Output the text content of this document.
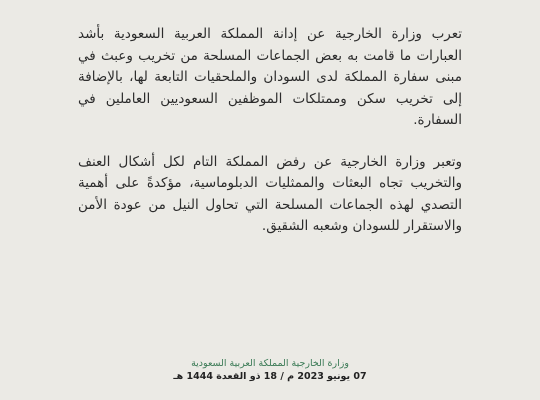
تعرب وزارة الخارجية عن إدانة المملكة العربية السعودية بأشد العبارات ما قامت به بعض الجماعات المسلحة من تخريب وعبث في مبنى سفارة المملكة لدى السودان والملحقيات التابعة لها، بالإضافة إلى تخريب سكن وممتلكات الموظفين السعوديين العاملين في السفارة.

وتعبر وزارة الخارجية عن رفض المملكة التام لكل أشكال العنف والتخريب تجاه البعثات والممثليات الدبلوماسية، مؤكدةً على أهمية التصدي لهذه الجماعات المسلحة التي تحاول النيل من عودة الأمن والاستقرار للسودان وشعبه الشقيق.

وزارة الخارجية المملكة العربية السعودية
07 يونيو 2023 م / 18 ذو القعدة 1444 هـ
